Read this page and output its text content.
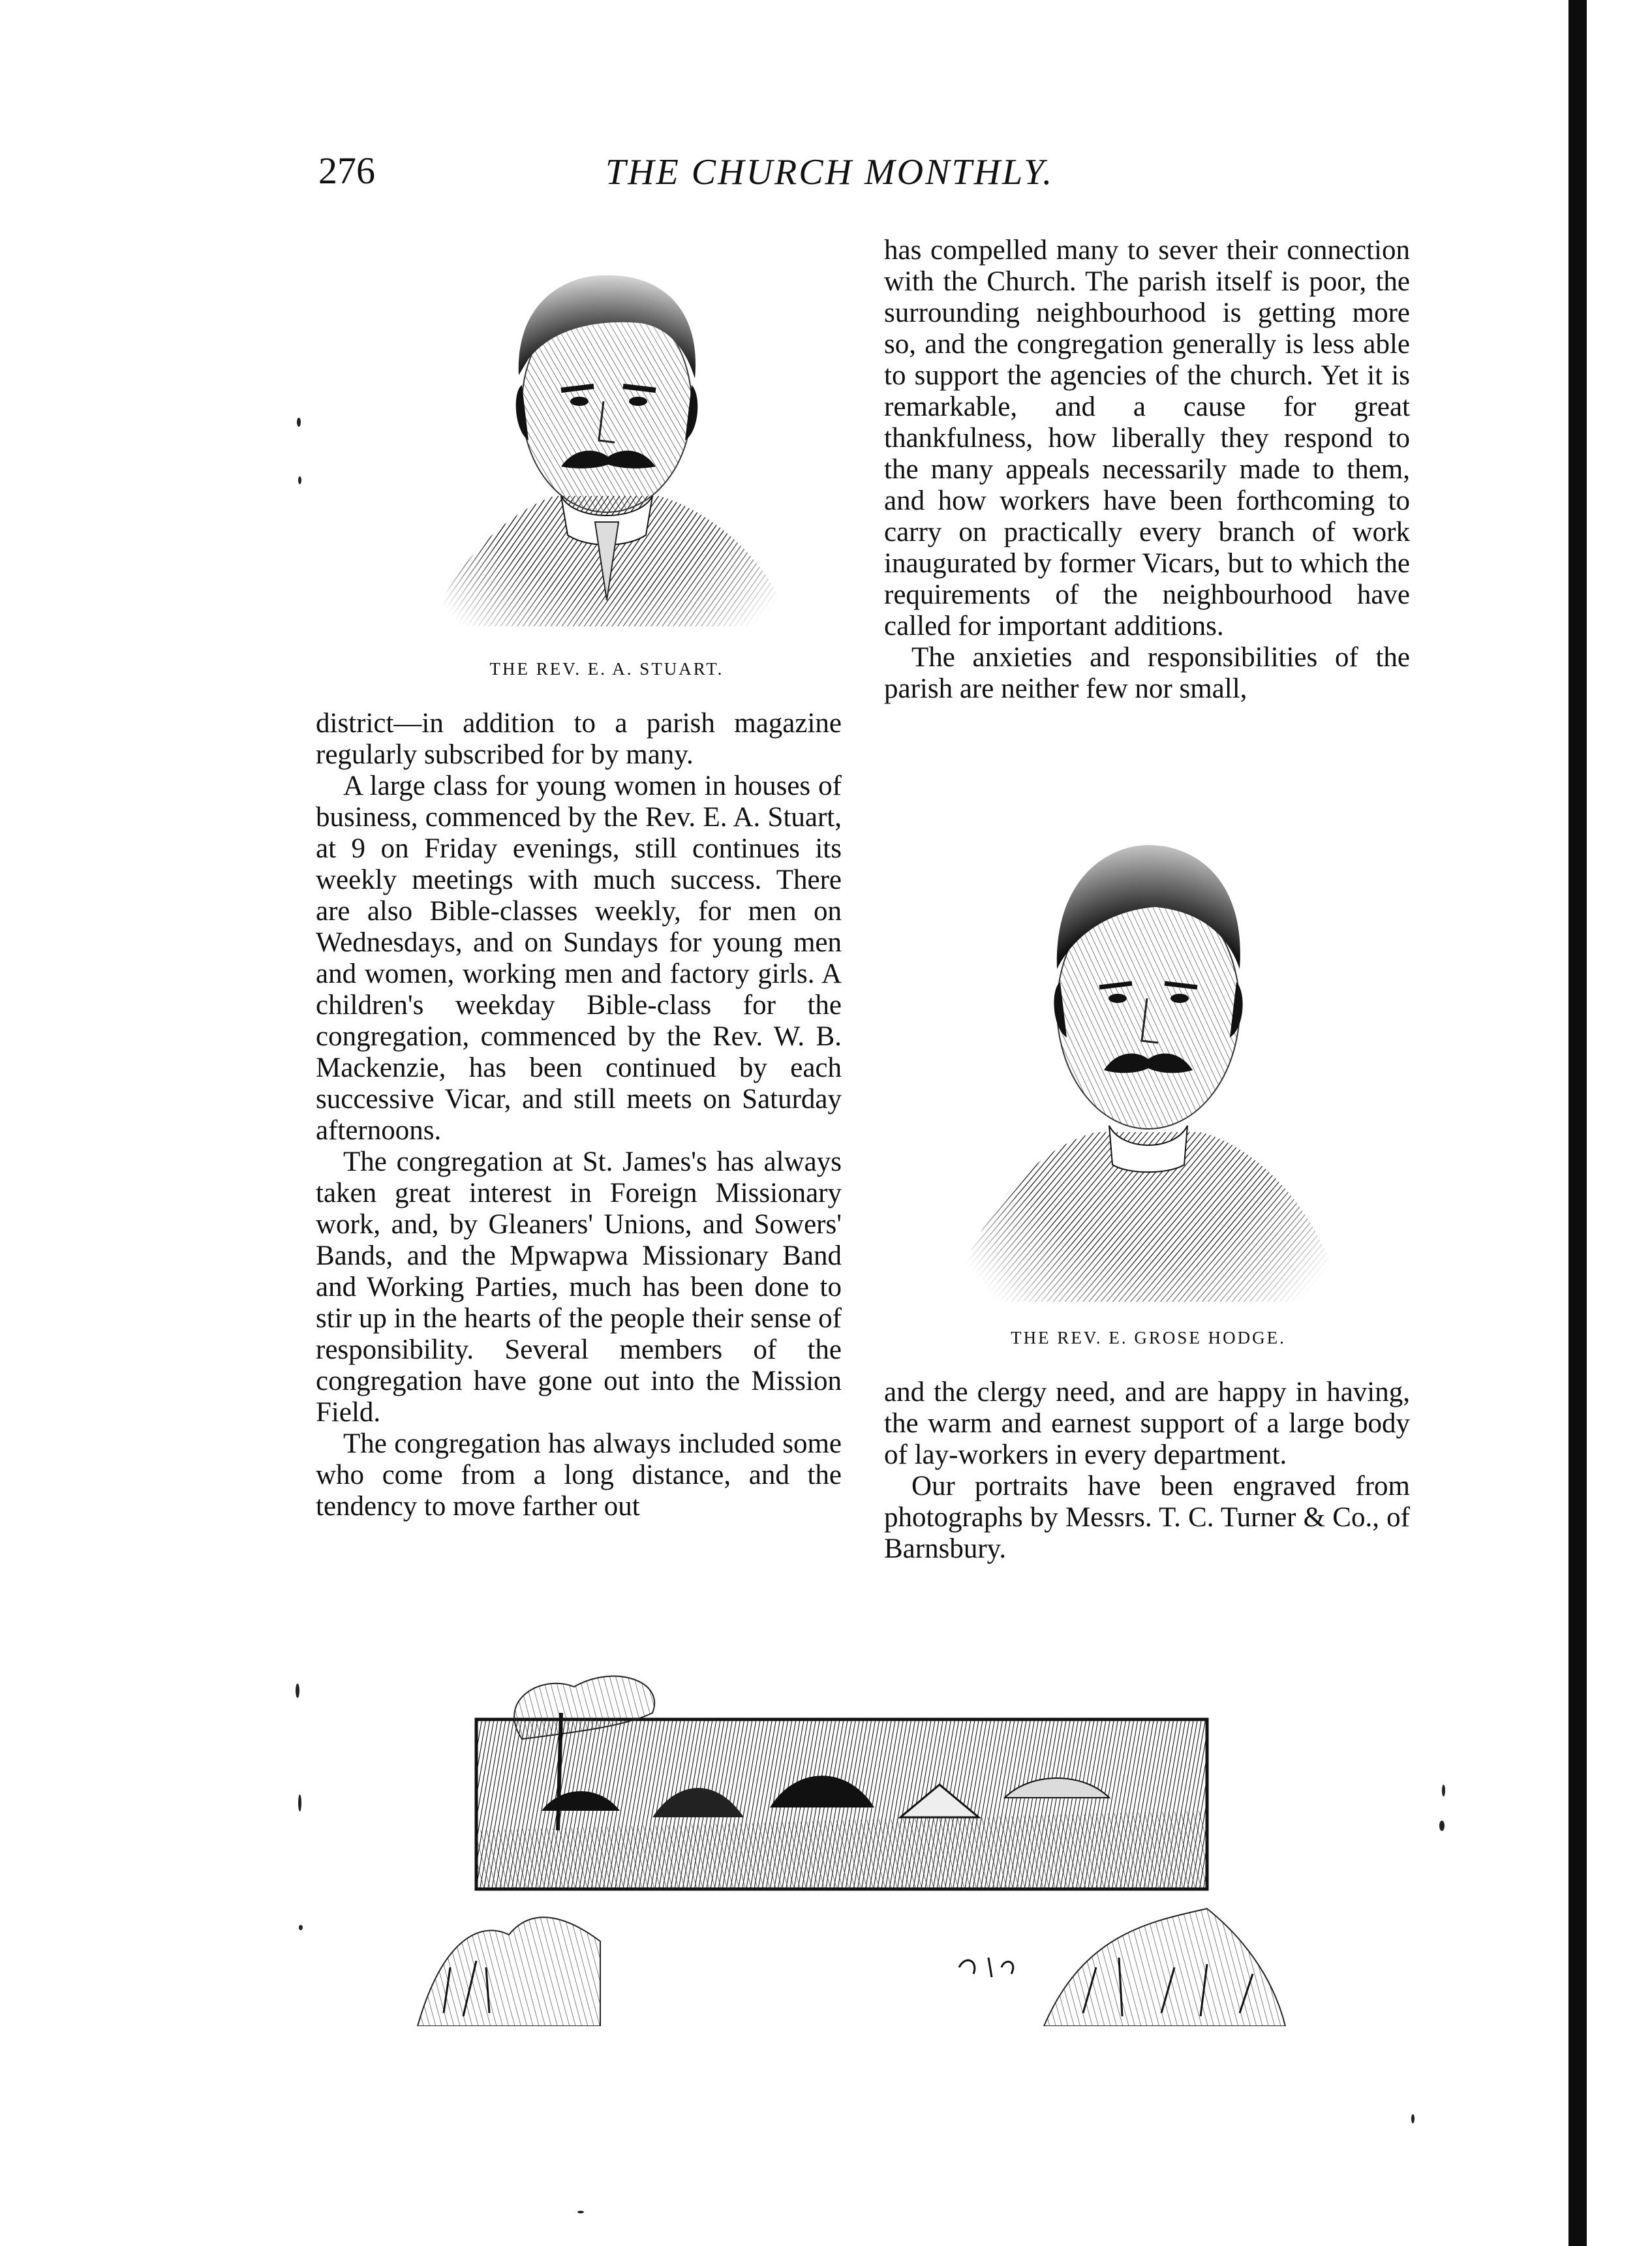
276	THE CHURCH MONTHLY.
THE REV. E. A. STUART.

district—in addition to a parish magazine regularly subscribed for by many.

A large class for young women in houses of business, commenced by the Rev. E. A. Stuart, at 9 on Friday evenings, still continues its weekly meetings with much success. There are also Bible-classes weekly, for men on Wednesdays, and on Sundays for young men and women, working men and factory girls. A children's weekday Bible-class for the congregation, commenced by the Rev. W. B. Mackenzie, has been continued by each successive Vicar, and still meets on Saturday afternoons.

The congregation at St. James's has always taken great interest in Foreign Missionary work, and, by Gleaners' Unions, and Sowers' Bands, and the Mpwapwa Missionary Band and Working Parties, much has been done to stir up in the hearts of the people their sense of responsibility. Several members of the congregation have gone out into the Mission Field.

The congregation has always included some who come from a long distance, and the tendency to move farther out

has compelled many to sever their connection with the Church. The parish itself is poor, the surrounding neighbourhood is getting more so, and the congregation generally is less able to support the agencies of the church. Yet it is remarkable, and a cause for great thankfulness, how liberally they respond to the many appeals necessarily made to them, and how workers have been forthcoming to carry on practically every branch of work inaugurated by former Vicars, but to which the requirements of the neighbourhood have called for important additions.

The anxieties and responsibilities of the parish are neither few nor small,

THE REV. E. GROSE HODGE.

and the clergy need, and are happy in having, the warm and earnest support of a large body of lay-workers in every department.

Our portraits have been engraved from photographs by Messrs. T. C. Turner & Co., of Barnsbury.
